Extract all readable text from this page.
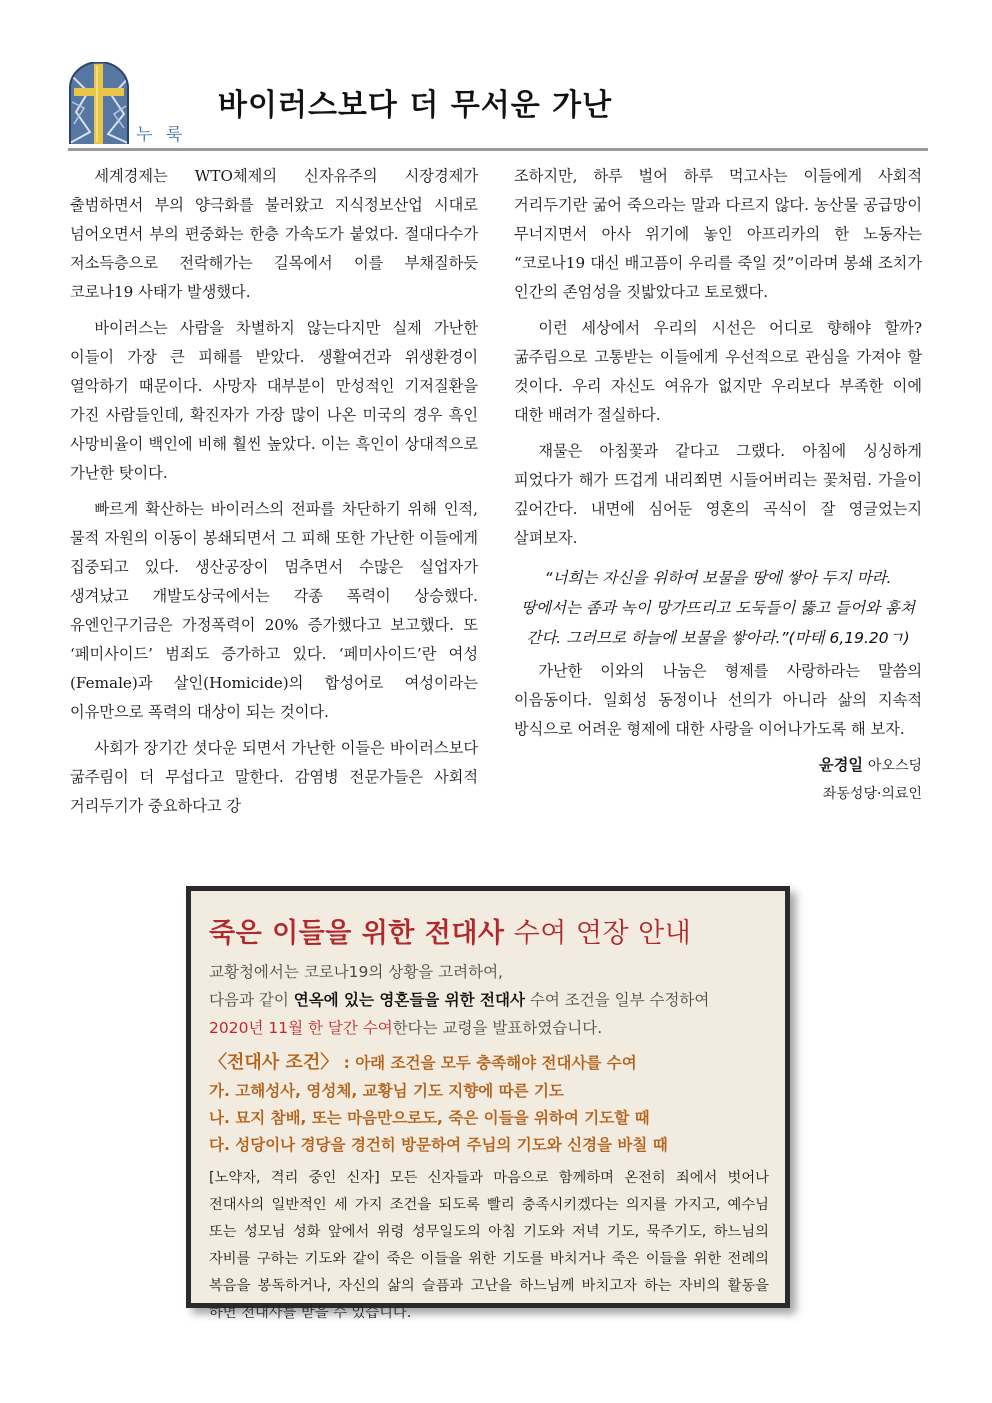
누 룩
바이러스보다 더 무서운 가난

세계경제는 WTO체제의 신자유주의 시장경제가 출범하면서 부의 양극화를 불러왔고 지식정보산업 시대로 넘어오면서 부의 편중화는 한층 가속도가 붙었다. 절대다수가 저소득층으로 전락해가는 길목에서 이를 부채질하듯 코로나19 사태가 발생했다.

바이러스는 사람을 차별하지 않는다지만 실제 가난한 이들이 가장 큰 피해를 받았다. 생활여건과 위생환경이 열악하기 때문이다. 사망자 대부분이 만성적인 기저질환을 가진 사람들인데, 확진자가 가장 많이 나온 미국의 경우 흑인 사망비율이 백인에 비해 훨씬 높았다. 이는 흑인이 상대적으로 가난한 탓이다.

빠르게 확산하는 바이러스의 전파를 차단하기 위해 인적, 물적 자원의 이동이 봉쇄되면서 그 피해 또한 가난한 이들에게 집중되고 있다. 생산공장이 멈추면서 수많은 실업자가 생겨났고 개발도상국에서는 각종 폭력이 상승했다. 유엔인구기금은 가정폭력이 20% 증가했다고 보고했다. 또 ‘페미사이드’ 범죄도 증가하고 있다. ‘페미사이드’란 여성(Female)과 살인(Homicide)의 합성어로 여성이라는 이유만으로 폭력의 대상이 되는 것이다.

사회가 장기간 셧다운 되면서 가난한 이들은 바이러스보다 굶주림이 더 무섭다고 말한다. 감염병 전문가들은 사회적 거리두기가 중요하다고 강

조하지만, 하루 벌어 하루 먹고사는 이들에게 사회적 거리두기란 굶어 죽으라는 말과 다르지 않다. 농산물 공급망이 무너지면서 아사 위기에 놓인 아프리카의 한 노동자는 “코로나19 대신 배고픔이 우리를 죽일 것”이라며 봉쇄 조치가 인간의 존엄성을 짓밟았다고 토로했다.

이런 세상에서 우리의 시선은 어디로 향해야 할까? 굶주림으로 고통받는 이들에게 우선적으로 관심을 가져야 할 것이다. 우리 자신도 여유가 없지만 우리보다 부족한 이에 대한 배려가 절실하다.

재물은 아침꽃과 같다고 그랬다. 아침에 싱싱하게 피었다가 해가 뜨겁게 내리쬐면 시들어버리는 꽃처럼. 가을이 깊어간다. 내면에 심어둔 영혼의 곡식이 잘 영글었는지 살펴보자.

“너희는 자신을 위하여 보물을 땅에 쌓아 두지 마라. 땅에서는 좀과 녹이 망가뜨리고 도둑들이 뚫고 들어와 훔쳐 간다. 그러므로 하늘에 보물을 쌓아라.”(마태 6,19.20ㄱ)

가난한 이와의 나눔은 형제를 사랑하라는 말씀의 이음동이다. 일회성 동정이나 선의가 아니라 삶의 지속적 방식으로 어려운 형제에 대한 사랑을 이어나가도록 해 보자.

윤경일 아오스딩
좌동성당·의료인
죽은 이들을 위한 전대사 수여 연장 안내
교황청에서는 코로나19의 상황을 고려하여,
다음과 같이 연옥에 있는 영혼들을 위한 전대사 수여 조건을 일부 수정하여
2020년 11월 한 달간 수여한다는 교령을 발표하였습니다.
〈전대사 조건〉 : 아래 조건을 모두 충족해야 전대사를 수여
가. 고해성사, 영성체, 교황님 기도 지향에 따른 기도
나. 묘지 참배, 또는 마음만으로도, 죽은 이들을 위하여 기도할 때
다. 성당이나 경당을 경건히 방문하여 주님의 기도와 신경을 바칠 때
[노약자, 격리 중인 신자] 모든 신자들과 마음으로 함께하며 온전히 죄에서 벗어나 전대사의 일반적인 세 가지 조건을 되도록 빨리 충족시키겠다는 의지를 가지고, 예수님 또는 성모님 성화 앞에서 위령 성무일도의 아침 기도와 저녁 기도, 묵주기도, 하느님의 자비를 구하는 기도와 같이 죽은 이들을 위한 기도를 바치거나 죽은 이들을 위한 전례의 복음을 봉독하거나, 자신의 삶의 슬픔과 고난을 하느님께 바치고자 하는 자비의 활동을 하면 전대사를 받을 수 있습니다.
